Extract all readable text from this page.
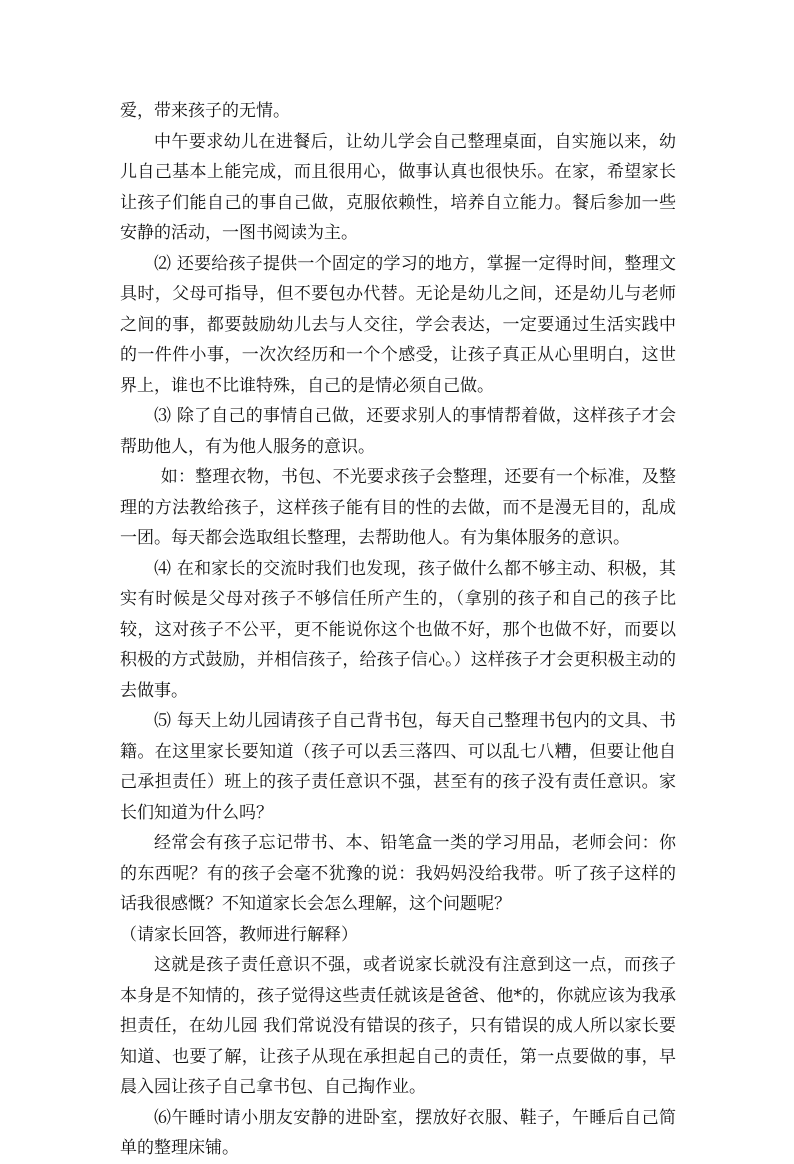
爱，带来孩子的无情。

中午要求幼儿在进餐后，让幼儿学会自己整理桌面，自实施以来，幼儿自己基本上能完成，而且很用心，做事认真也很快乐。在家，希望家长让孩子们能自己的事自己做，克服依赖性，培养自立能力。餐后参加一些安静的活动，一图书阅读为主。

⑵ 还要给孩子提供一个固定的学习的地方，掌握一定得时间，整理文具时，父母可指导，但不要包办代替。无论是幼儿之间，还是幼儿与老师之间的事，都要鼓励幼儿去与人交往，学会表达，一定要通过生活实践中的一件件小事，一次次经历和一个个感受，让孩子真正从心里明白，这世界上，谁也不比谁特殊，自己的是情必须自己做。

⑶ 除了自己的事情自己做，还要求别人的事情帮着做，这样孩子才会帮助他人，有为他人服务的意识。

如：整理衣物，书包、不光要求孩子会整理，还要有一个标准，及整理的方法教给孩子，这样孩子能有目的性的去做，而不是漫无目的，乱成一团。每天都会选取组长整理，去帮助他人。有为集体服务的意识。

⑷ 在和家长的交流时我们也发现，孩子做什么都不够主动、积极，其实有时候是父母对孩子不够信任所产生的，（拿别的孩子和自己的孩子比较，这对孩子不公平，更不能说你这个也做不好，那个也做不好，而要以积极的方式鼓励，并相信孩子，给孩子信心。）这样孩子才会更积极主动的去做事。

⑸ 每天上幼儿园请孩子自己背书包，每天自己整理书包内的文具、书籍。在这里家长要知道（孩子可以丢三落四、可以乱七八糟，但要让他自己承担责任）班上的孩子责任意识不强，甚至有的孩子没有责任意识。家长们知道为什么吗？

经常会有孩子忘记带书、本、铅笔盒一类的学习用品，老师会问：你的东西呢？有的孩子会毫不犹豫的说：我妈妈没给我带。听了孩子这样的话我很感慨？不知道家长会怎么理解，这个问题呢？

（请家长回答，教师进行解释）

这就是孩子责任意识不强，或者说家长就没有注意到这一点，而孩子本身是不知情的，孩子觉得这些责任就该是爸爸、他*的，你就应该为我承担责任，在幼儿园 我们常说没有错误的孩子，只有错误的成人所以家长要知道、也要了解，让孩子从现在承担起自己的责任，第一点要做的事，早晨入园让孩子自己拿书包、自己掏作业。

⑹午睡时请小朋友安静的进卧室，摆放好衣服、鞋子，午睡后自己简单的整理床铺。
